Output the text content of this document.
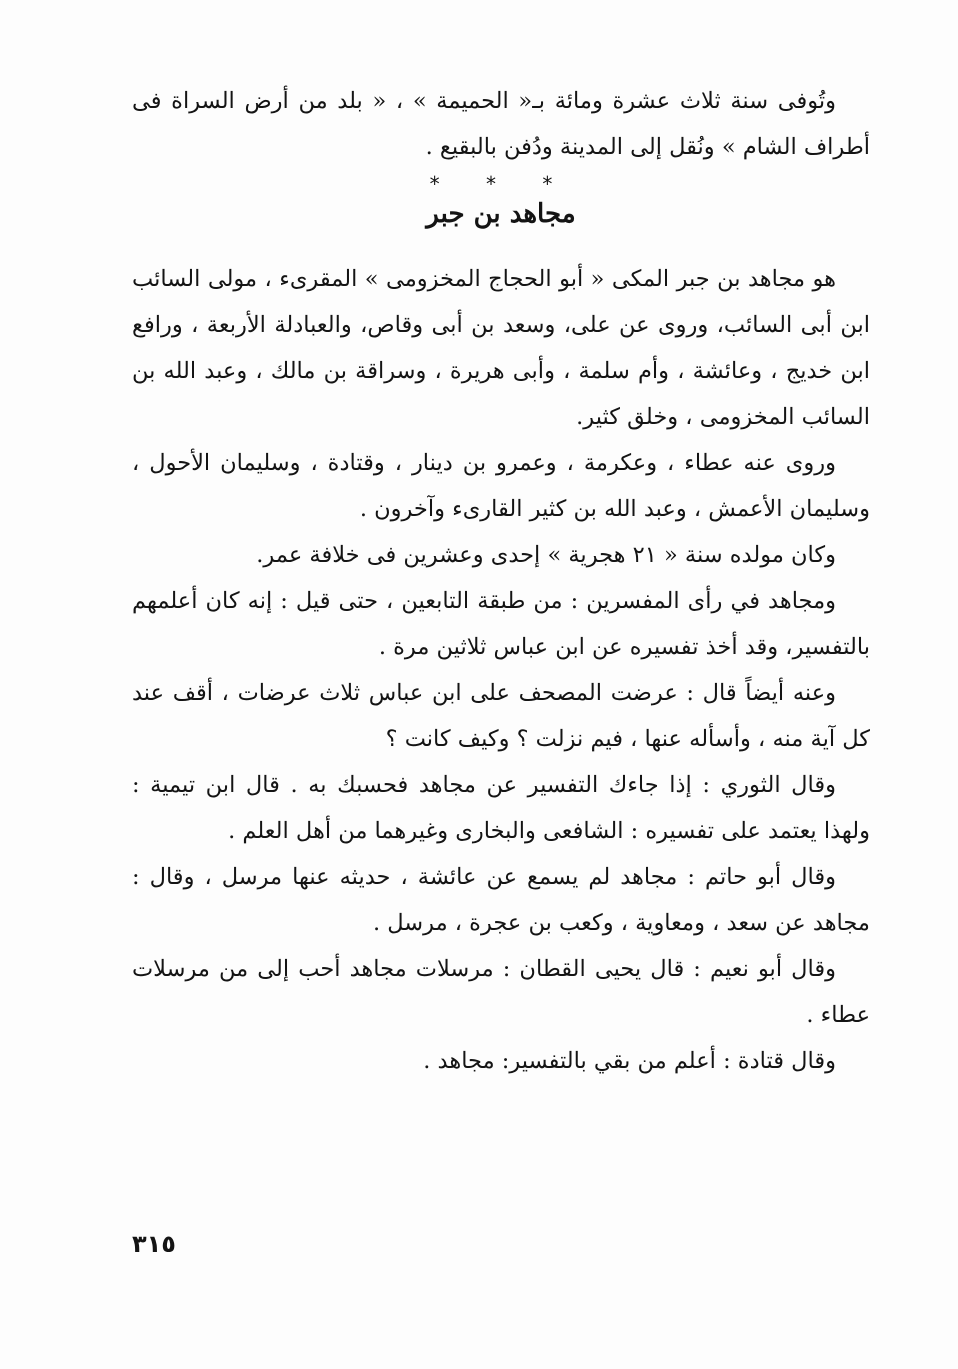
وتُوفى سنة ثلاث عشرة ومائة بـ« الحميمة » ، « بلد من أرض السراة فى أطراف الشام » ونُقل إلى المدينة ودُفن بالبقيع .

* * *
مجاهد بن جبر

هو مجاهد بن جبر المكى « أبو الحجاج المخزومى » المقرىء ، مولى السائب ابن أبى السائب، وروى عن على، وسعد بن أبى وقاص، والعبادلة الأربعة ، ورافع ابن خديج ، وعائشة ، وأم سلمة ، وأبى هريرة ، وسراقة بن مالك ، وعبد الله بن السائب المخزومى ، وخلق كثير.

وروى عنه عطاء ، وعكرمة ، وعمرو بن دينار ، وقتادة ، وسليمان الأحول ، وسليمان الأعمش ، وعبد الله بن كثير القارىء وآخرون .

وكان مولده سنة « ٢١ هجرية » إحدى وعشرين فى خلافة عمر.

ومجاهد في رأى المفسرين : من طبقة التابعين ، حتى قيل : إنه كان أعلمهم بالتفسير، وقد أخذ تفسيره عن ابن عباس ثلاثين مرة .

وعنه أيضاً قال : عرضت المصحف على ابن عباس ثلاث عرضات ، أقف عند كل آية منه ، وأسأله عنها ، فيم نزلت ؟ وكيف كانت ؟

وقال الثوري : إذا جاءك التفسير عن مجاهد فحسبك به . قال ابن تيمية : ولهذا يعتمد على تفسيره : الشافعى والبخارى وغيرهما من أهل العلم .

وقال أبو حاتم : مجاهد لم يسمع عن عائشة ، حديثه عنها مرسل ، وقال : مجاهد عن سعد ، ومعاوية ، وكعب بن عجرة ، مرسل .

وقال أبو نعيم : قال يحيى القطان : مرسلات مجاهد أحب إلى من مرسلات عطاء .

وقال قتادة : أعلم من بقي بالتفسير: مجاهد .

٣١٥
